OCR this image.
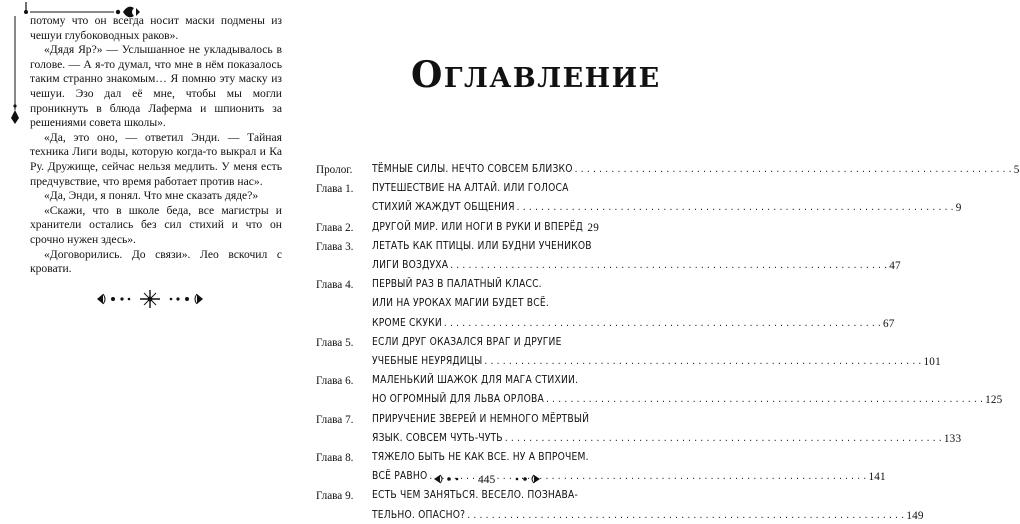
потому что он всегда носит маски подмены из чешуи глубоководных раков».

«Дядя Яр?» — Услышанное не укладывалось в голове. — А я-то думал, что мне в нём показалось таким странно знакомым… Я помню эту маску из чешуи. Эзо дал её мне, чтобы мы могли проникнуть в блюда Лаферма и шпионить за решениями совета школы».

«Да, это оно, — ответил Энди. — Тайная техника Лиги воды, которую когда-то выкрал и Ка Ру. Дружище, сейчас нельзя медлить. У меня есть предчувствие, что время работает против нас».

«Да, Энди, я понял. Что мне сказать дяде?»

«Скажи, что в школе беда, все магистры и хранители остались без сил стихий и что он срочно нужен здесь».

«Договорились. До связи». Лео вскочил с кровати.

ОГЛАВЛЕНИЕ
Пролог. ТЁМНЫЕ СИЛЫ. НЕЧТО СОВСЕМ БЛИЗКО . . .	5
Глава 1. ПУТЕШЕСТВИЕ НА АЛТАЙ. ИЛИ ГОЛОСА
СТИХИЙ ЖАЖДУТ ОБЩЕНИЯ . . .	9
Глава 2. ДРУГОЙ МИР. ИЛИ НОГИ В РУКИ И ВПЕРЁД . . . 29
Глава 3. ЛЕТАТЬ КАК ПТИЦЫ. ИЛИ БУДНИ УЧЕНИКОВ
ЛИГИ ВОЗДУХА . . .	47
Глава 4. ПЕРВЫЙ РАЗ В ПАЛАТНЫЙ КЛАСС.
ИЛИ НА УРОКАХ МАГИИ БУДЕТ ВСЁ.
КРОМЕ СКУКИ . . .	67
Глава 5. ЕСЛИ ДРУГ ОКАЗАЛСЯ ВРАГ И ДРУГИЕ
УЧЕБНЫЕ НЕУРЯДИЦЫ . . .	101
Глава 6. МАЛЕНЬКИЙ ШАЖОК ДЛЯ МАГА СТИХИИ.
НО ОГРОМНЫЙ ДЛЯ ЛЬВА ОРЛОВА . . .	125
Глава 7. ПРИРУЧЕНИЕ ЗВЕРЕЙ И НЕМНОГО МЁРТВЫЙ
ЯЗЫК. СОВСЕМ ЧУТЬ-ЧУТЬ . . .	133
Глава 8. ТЯЖЕЛО БЫТЬ НЕ КАК ВСЕ. НУ А ВПРОЧЕМ.
ВСЁ РАВНО . . .	141
Глава 9. ЕСТЬ ЧЕМ ЗАНЯТЬСЯ. ВЕСЕЛО. ПОЗНАВА-
ТЕЛЬНО. ОПАСНО? . . .	149
445
